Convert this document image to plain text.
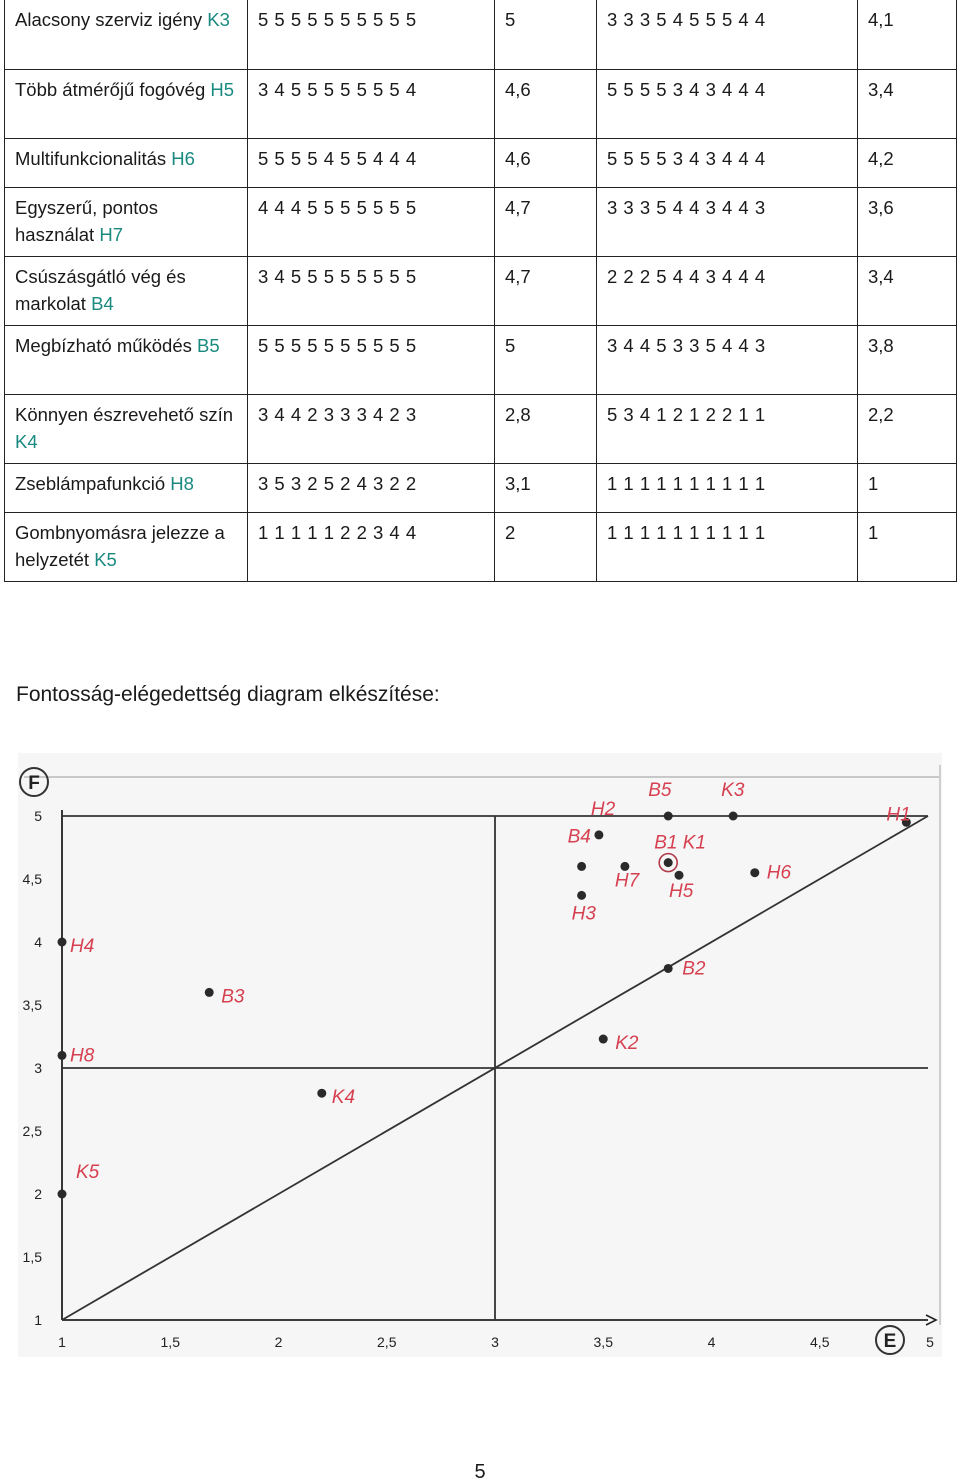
Alacsony szerviz igény K3	5 5 5 5 5 5 5 5 5 5	5	3 3 3 5 4 5 5 5 4 4	4,1
Több átmérőjű fogóvég H5	3 4 5 5 5 5 5 5 5 4	4,6	5 5 5 5 3 4 3 4 4 4	3,4
Multifunkcionalitás H6	5 5 5 5 4 5 5 4 4 4	4,6	5 5 5 5 3 4 3 4 4 4	4,2
Egyszerű, pontos használat H7	4 4 4 5 5 5 5 5 5 5	4,7	3 3 3 5 4 4 3 4 4 3	3,6
Csúszásgátló vég és markolat B4	3 4 5 5 5 5 5 5 5 5	4,7	2 2 2 5 4 4 3 4 4 4	3,4
Megbízható működés B5	5 5 5 5 5 5 5 5 5 5	5	3 4 4 5 3 3 5 4 4 3	3,8
Könnyen észrevehető szín K4	3 4 4 2 3 3 3 4 2 3	2,8	5 3 4 1 2 1 2 2 1 1	2,2
Zseblámpafunkció H8	3 5 3 2 5 2 4 3 2 2	3,1	1 1 1 1 1 1 1 1 1 1	1
Gombnyomásra jelezze a helyzetét K5	1 1 1 1 1 2 2 3 4 4	2	1 1 1 1 1 1 1 1 1 1	1
Fontosság-elégedettség diagram elkészítése:
5
4,5
4
3,5
3
2,5
2
1,5
1
1	1,5	2	2,5	3	3,5	4	4,5	5
F
E
H2
B5	K3
B4	B1 K1
H7
H5
H6
H1
H3
H4
B3
B2
K2
H8
K4
K5
5
